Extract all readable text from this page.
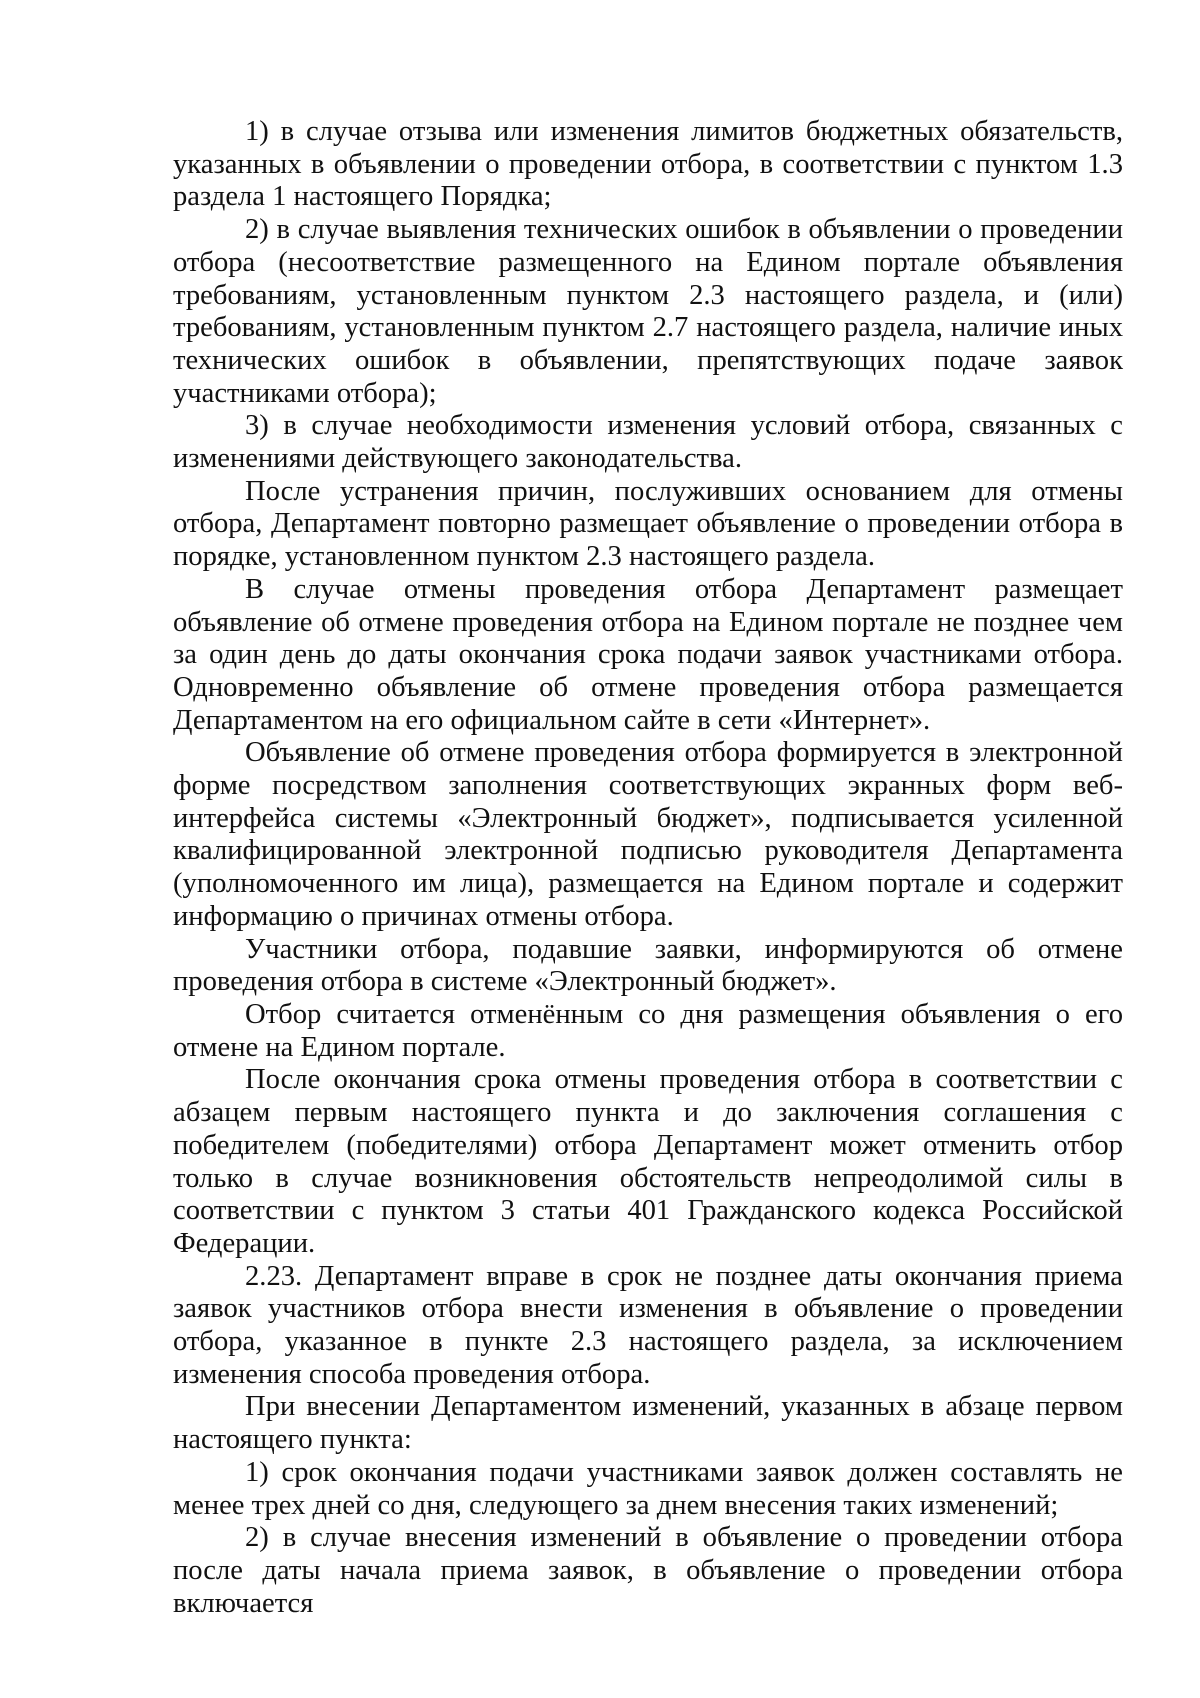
1) в случае отзыва или изменения лимитов бюджетных обязательств, указанных в объявлении о проведении отбора, в соответствии с пунктом 1.3 раздела 1 настоящего Порядка;

2) в случае выявления технических ошибок в объявлении о проведении отбора (несоответствие размещенного на Едином портале объявления требованиям, установленным пунктом 2.3 настоящего раздела, и (или) требованиям, установленным пунктом 2.7 настоящего раздела, наличие иных технических ошибок в объявлении, препятствующих подаче заявок участниками отбора);

3) в случае необходимости изменения условий отбора, связанных с изменениями действующего законодательства.

После устранения причин, послуживших основанием для отмены отбора, Департамент повторно размещает объявление о проведении отбора в порядке, установленном пунктом 2.3 настоящего раздела.

В случае отмены проведения отбора Департамент размещает объявление об отмене проведения отбора на Едином портале не позднее чем за один день до даты окончания срока подачи заявок участниками отбора. Одновременно объявление об отмене проведения отбора размещается Департаментом на его официальном сайте в сети «Интернет».

Объявление об отмене проведения отбора формируется в электронной форме посредством заполнения соответствующих экранных форм веб-интерфейса системы «Электронный бюджет», подписывается усиленной квалифицированной электронной подписью руководителя Департамента (уполномоченного им лица), размещается на Едином портале и содержит информацию о причинах отмены отбора.

Участники отбора, подавшие заявки, информируются об отмене проведения отбора в системе «Электронный бюджет».

Отбор считается отменённым со дня размещения объявления о его отмене на Едином портале.

После окончания срока отмены проведения отбора в соответствии с абзацем первым настоящего пункта и до заключения соглашения с победителем (победителями) отбора Департамент может отменить отбор только в случае возникновения обстоятельств непреодолимой силы в соответствии с пунктом 3 статьи 401 Гражданского кодекса Российской Федерации.

2.23. Департамент вправе в срок не позднее даты окончания приема заявок участников отбора внести изменения в объявление о проведении отбора, указанное в пункте 2.3 настоящего раздела, за исключением изменения способа проведения отбора.

При внесении Департаментом изменений, указанных в абзаце первом настоящего пункта:

1) срок окончания подачи участниками заявок должен составлять не менее трех дней со дня, следующего за днем внесения таких изменений;

2) в случае внесения изменений в объявление о проведении отбора после даты начала приема заявок, в объявление о проведении отбора включается
